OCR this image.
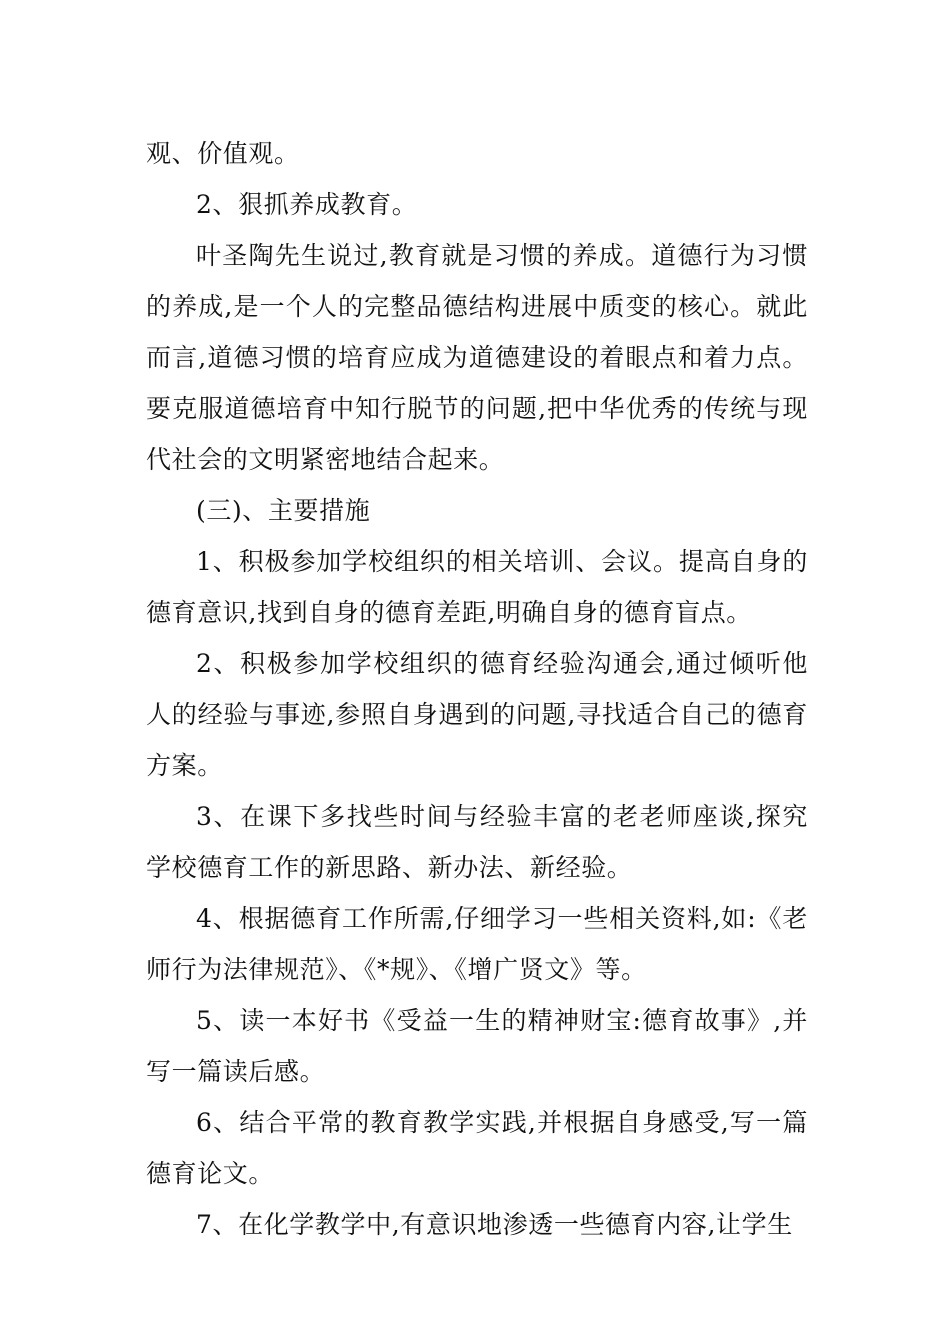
观、价值观。

2、狠抓养成教育。

叶圣陶先生说过,教育就是习惯的养成。道德行为习惯的养成,是一个人的完整品德结构进展中质变的核心。就此而言,道德习惯的培育应成为道德建设的着眼点和着力点。要克服道德培育中知行脱节的问题,把中华优秀的传统与现代社会的文明紧密地结合起来。

(三)、主要措施

1、积极参加学校组织的相关培训、会议。提高自身的德育意识,找到自身的德育差距,明确自身的德育盲点。

2、积极参加学校组织的德育经验沟通会,通过倾听他人的经验与事迹,参照自身遇到的问题,寻找适合自己的德育方案。

3、在课下多找些时间与经验丰富的老老师座谈,探究学校德育工作的新思路、新办法、新经验。

4、根据德育工作所需,仔细学习一些相关资料,如:《老师行为法律规范》、《*规》、《增广贤文》等。

5、读一本好书《受益一生的精神财宝:德育故事》,并写一篇读后感。

6、结合平常的教育教学实践,并根据自身感受,写一篇德育论文。

7、在化学教学中,有意识地渗透一些德育内容,让学生
